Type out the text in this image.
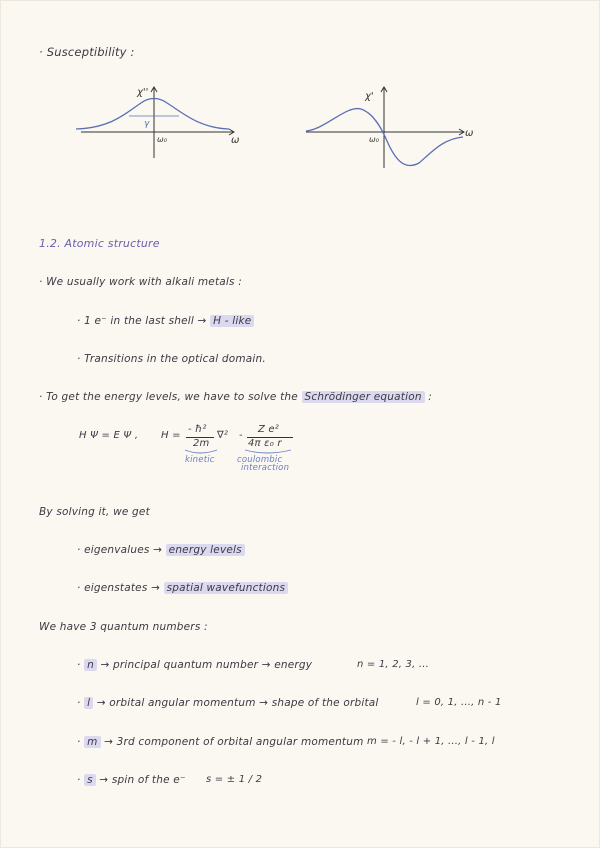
· Susceptibility :
γ
χ''
ω₀	ω
χ'
ω₀
ω
1.2. Atomic structure
· We usually work with alkali metals :
· 1 e⁻ in the last shell → H - like
· Transitions in the optical domain.
· To get the energy levels, we have to solve the Schrödinger equation :
H Ψ = E Ψ , H =
- ħ²
2m
∇² -
Z e²
4π ε₀ r
kinetic	coulombic
interaction
By solving it, we get
· eigenvalues → energy levels
· eigenstates → spatial wavefunctions
We have 3 quantum numbers :
· n → principal quantum number → energy	n = 1, 2, 3, ...
· l → orbital angular momentum → shape of the orbital	l = 0, 1, ..., n - 1
· m → 3rd component of orbital angular momentum m = - l, - l + 1, ..., l - 1, l
· s → spin of the e⁻ s = ± 1 / 2
